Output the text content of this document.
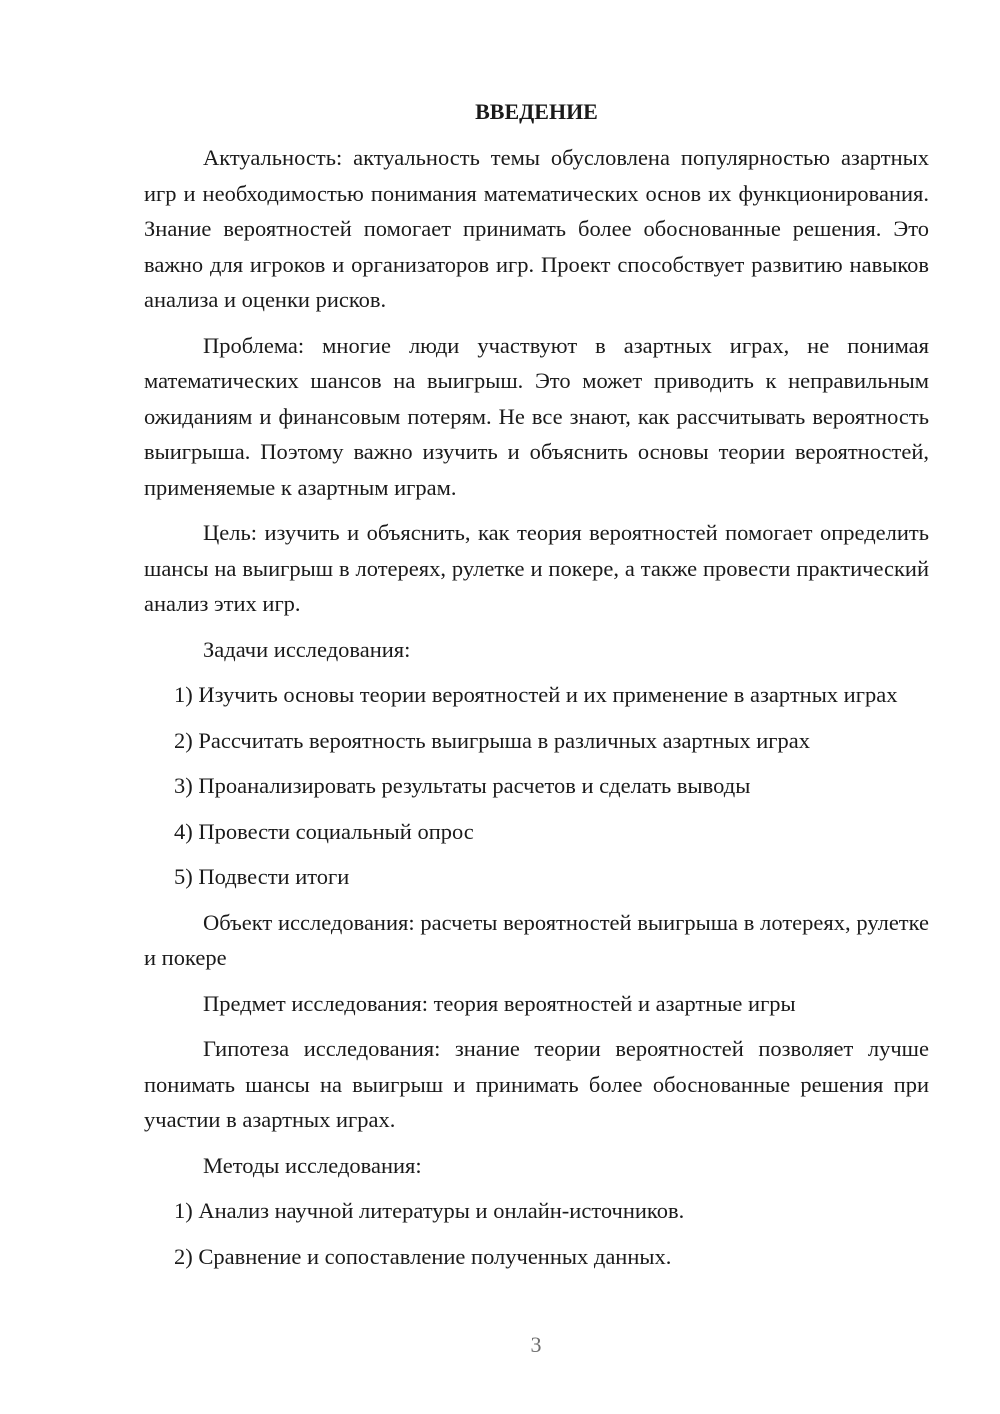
ВВЕДЕНИЕ

Актуальность: актуальность темы обусловлена популярностью азартных игр и необходимостью понимания математических основ их функционирования. Знание вероятностей помогает принимать более обоснованные решения. Это важно для игроков и организаторов игр. Проект способствует развитию навыков анализа и оценки рисков.

Проблема: многие люди участвуют в азартных играх, не понимая математических шансов на выигрыш. Это может приводить к неправильным ожиданиям и финансовым потерям. Не все знают, как рассчитывать вероятность выигрыша. Поэтому важно изучить и объяснить основы теории вероятностей, применяемые к азартным играм.

Цель: изучить и объяснить, как теория вероятностей помогает определить шансы на выигрыш в лотереях, рулетке и покере, а также провести практический анализ этих игр.

Задачи исследования:

1) Изучить основы теории вероятностей и их применение в азартных играх

2) Рассчитать вероятность выигрыша в различных азартных играх

3) Проанализировать результаты расчетов и сделать выводы

4) Провести социальный опрос

5) Подвести итоги

Объект исследования: расчеты вероятностей выигрыша в лотереях, рулетке и покере

Предмет исследования: теория вероятностей и азартные игры

Гипотеза исследования: знание теории вероятностей позволяет лучше понимать шансы на выигрыш и принимать более обоснованные решения при участии в азартных играх.

Методы исследования:

1) Анализ научной литературы и онлайн-источников.

2) Сравнение и сопоставление полученных данных.

3
